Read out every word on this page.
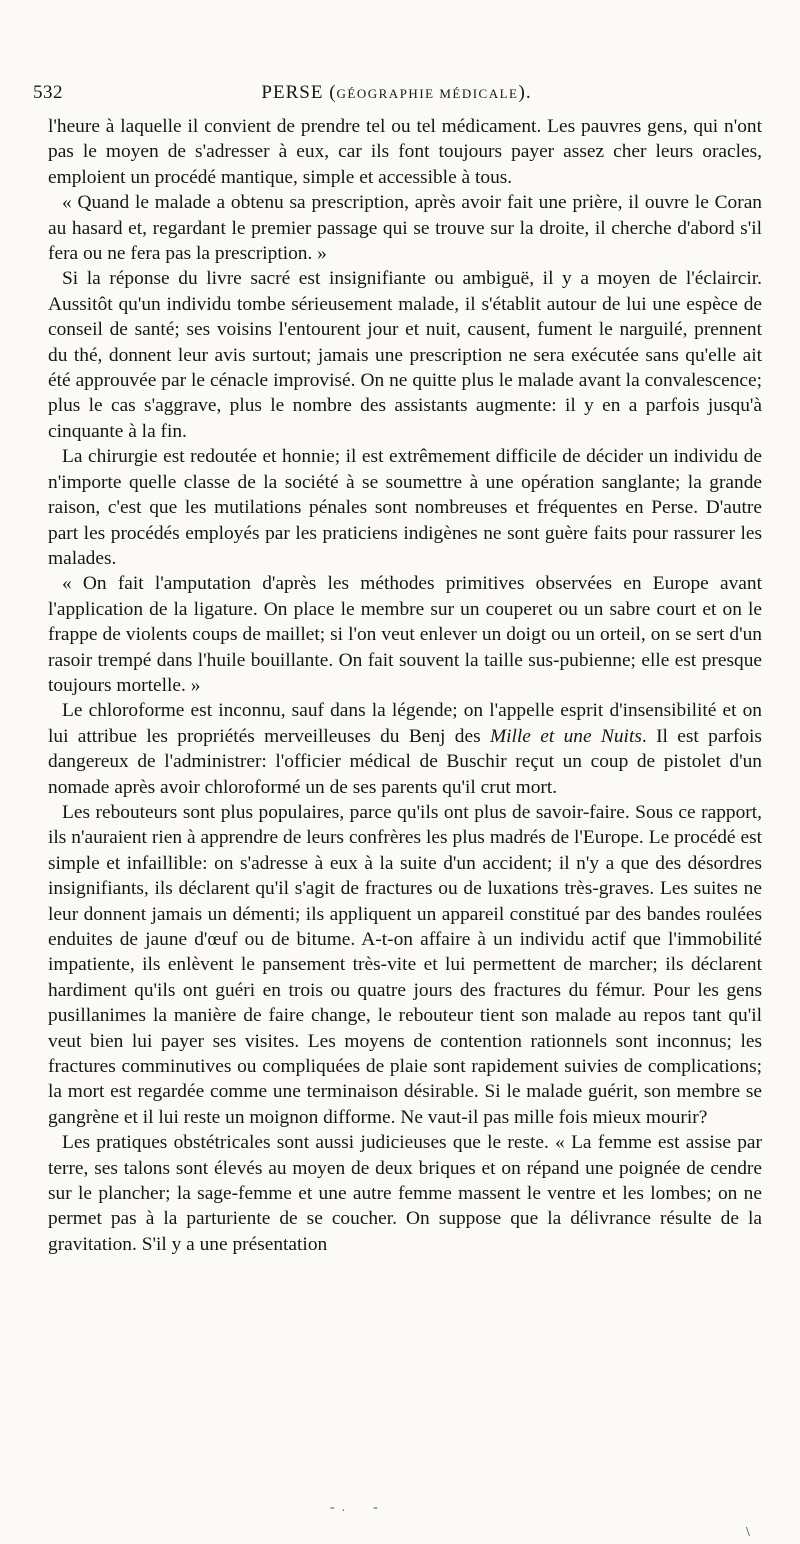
532	PERSE (GÉOGRAPHIE MÉDICALE).

l'heure à laquelle il convient de prendre tel ou tel médicament. Les pauvres gens, qui n'ont pas le moyen de s'adresser à eux, car ils font toujours payer assez cher leurs oracles, emploient un procédé mantique, simple et accessible à tous.

« Quand le malade a obtenu sa prescription, après avoir fait une prière, il ouvre le Coran au hasard et, regardant le premier passage qui se trouve sur la droite, il cherche d'abord s'il fera ou ne fera pas la prescription. »

Si la réponse du livre sacré est insignifiante ou ambiguë, il y a moyen de l'éclaircir. Aussitôt qu'un individu tombe sérieusement malade, il s'établit autour de lui une espèce de conseil de santé; ses voisins l'entourent jour et nuit, causent, fument le narguilé, prennent du thé, donnent leur avis surtout; jamais une prescription ne sera exécutée sans qu'elle ait été approuvée par le cénacle improvisé. On ne quitte plus le malade avant la convalescence; plus le cas s'aggrave, plus le nombre des assistants augmente: il y en a parfois jusqu'à cinquante à la fin.

La chirurgie est redoutée et honnie; il est extrêmement difficile de décider un individu de n'importe quelle classe de la société à se soumettre à une opération sanglante; la grande raison, c'est que les mutilations pénales sont nombreuses et fréquentes en Perse. D'autre part les procédés employés par les praticiens indigènes ne sont guère faits pour rassurer les malades.

« On fait l'amputation d'après les méthodes primitives observées en Europe avant l'application de la ligature. On place le membre sur un couperet ou un sabre court et on le frappe de violents coups de maillet; si l'on veut enlever un doigt ou un orteil, on se sert d'un rasoir trempé dans l'huile bouillante. On fait souvent la taille sus-pubienne; elle est presque toujours mortelle. »

Le chloroforme est inconnu, sauf dans la légende; on l'appelle esprit d'insensibilité et on lui attribue les propriétés merveilleuses du Benj des Mille et une Nuits. Il est parfois dangereux de l'administrer: l'officier médical de Buschir reçut un coup de pistolet d'un nomade après avoir chloroformé un de ses parents qu'il crut mort.

Les rebouteurs sont plus populaires, parce qu'ils ont plus de savoir-faire. Sous ce rapport, ils n'auraient rien à apprendre de leurs confrères les plus madrés de l'Europe. Le procédé est simple et infaillible: on s'adresse à eux à la suite d'un accident; il n'y a que des désordres insignifiants, ils déclarent qu'il s'agit de fractures ou de luxations très-graves. Les suites ne leur donnent jamais un démenti; ils appliquent un appareil constitué par des bandes roulées enduites de jaune d'œuf ou de bitume. A-t-on affaire à un individu actif que l'immobilité impatiente, ils enlèvent le pansement très-vite et lui permettent de marcher; ils déclarent hardiment qu'ils ont guéri en trois ou quatre jours des fractures du fémur. Pour les gens pusillanimes la manière de faire change, le rebouteur tient son malade au repos tant qu'il veut bien lui payer ses visites. Les moyens de contention rationnels sont inconnus; les fractures comminutives ou compliquées de plaie sont rapidement suivies de complications; la mort est regardée comme une terminaison désirable. Si le malade guérit, son membre se gangrène et il lui reste un moignon difforme. Ne vaut-il pas mille fois mieux mourir?

Les pratiques obstétricales sont aussi judicieuses que le reste. « La femme est assise par terre, ses talons sont élevés au moyen de deux briques et on répand une poignée de cendre sur le plancher; la sage-femme et une autre femme massent le ventre et les lombes; on ne permet pas à la parturiente de se coucher. On suppose que la délivrance résulte de la gravitation. S'il y a une présentation

-  .        -
\
